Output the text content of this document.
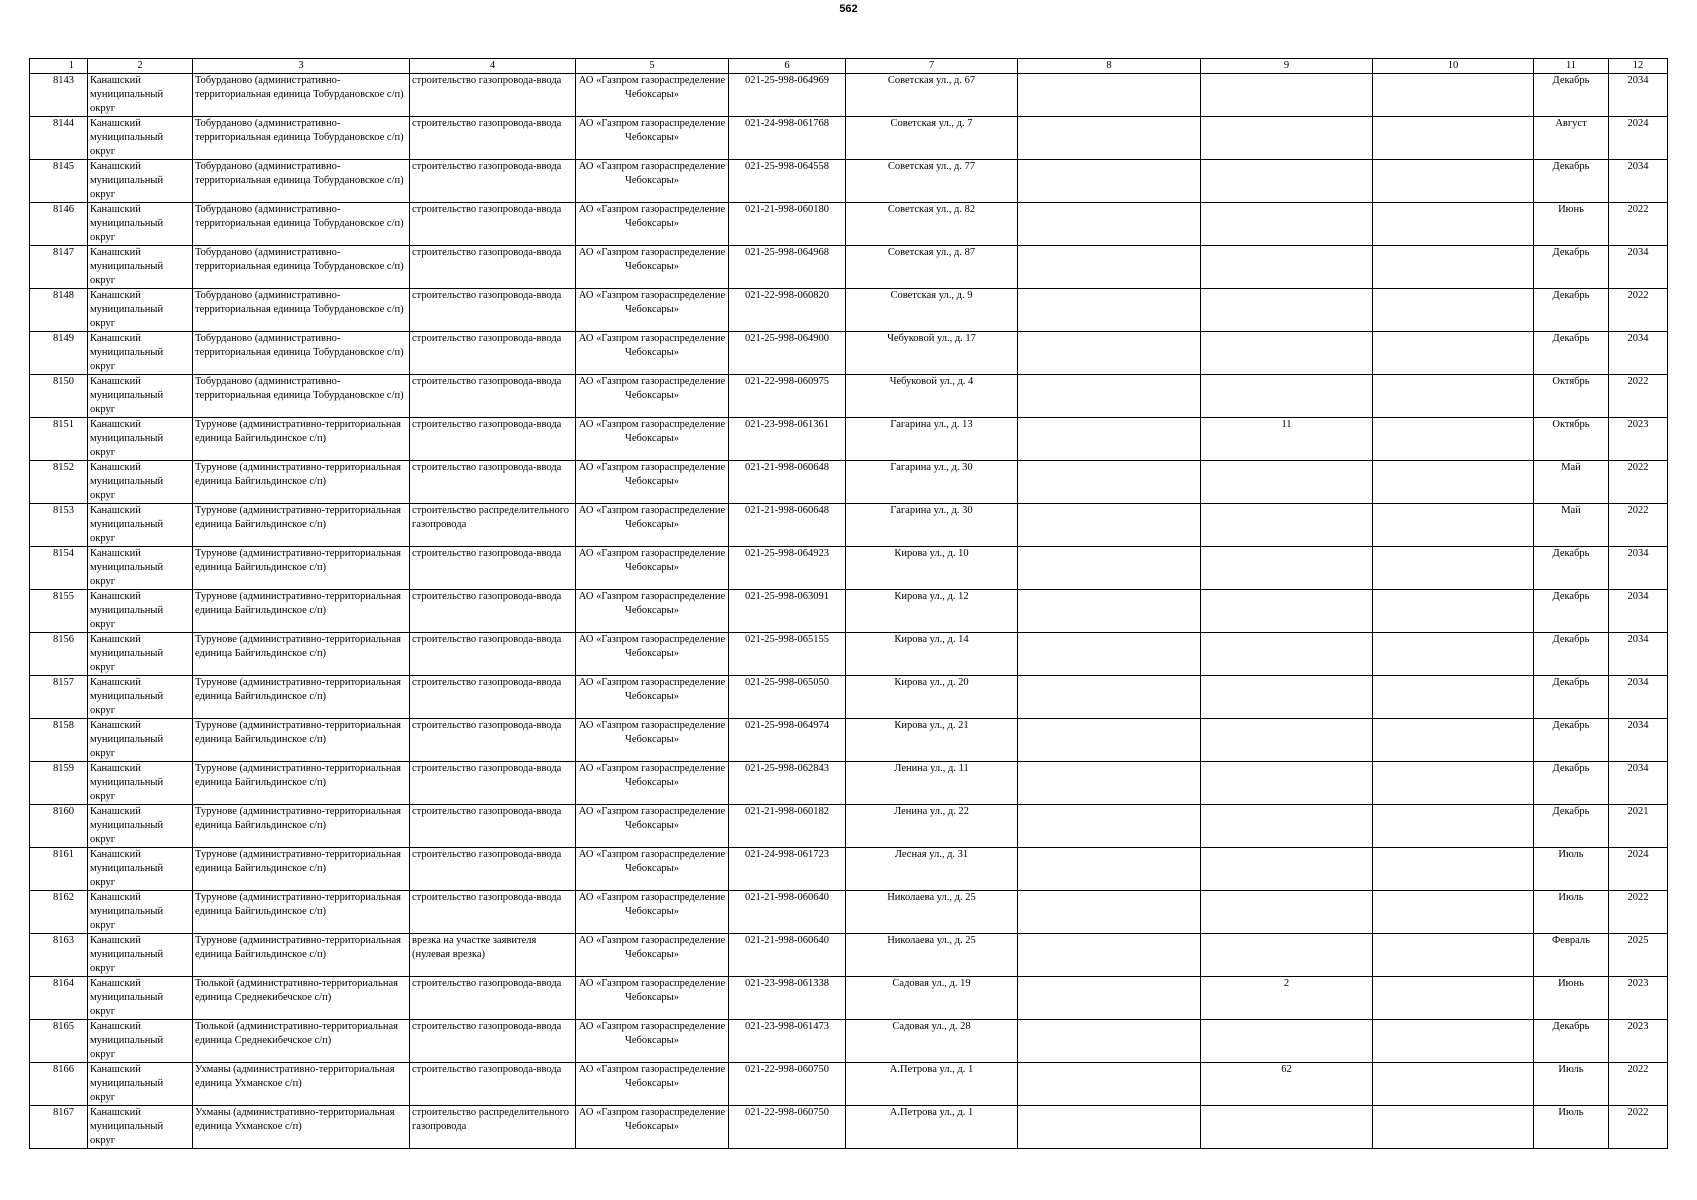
562
1	2	3	4	5	6	7	8	9	10	11	12
8143	Канашский муниципальный округ	Тобурданово (административно-территориальная единица Тобурдановское с/п)	строительство газопровода-ввода	АО «Газпром газораспределение Чебоксары»	021-25-998-064969	Советская ул., д. 67				Декабрь	2034
8144	Канашский муниципальный округ	Тобурданово (административно-территориальная единица Тобурдановское с/п)	строительство газопровода-ввода	АО «Газпром газораспределение Чебоксары»	021-24-998-061768	Советская ул., д. 7				Август	2024
8145	Канашский муниципальный округ	Тобурданово (административно-территориальная единица Тобурдановское с/п)	строительство газопровода-ввода	АО «Газпром газораспределение Чебоксары»	021-25-998-064558	Советская ул., д. 77				Декабрь	2034
8146	Канашский муниципальный округ	Тобурданово (административно-территориальная единица Тобурдановское с/п)	строительство газопровода-ввода	АО «Газпром газораспределение Чебоксары»	021-21-998-060180	Советская ул., д. 82				Июнь	2022
8147	Канашский муниципальный округ	Тобурданово (административно-территориальная единица Тобурдановское с/п)	строительство газопровода-ввода	АО «Газпром газораспределение Чебоксары»	021-25-998-064968	Советская ул., д. 87				Декабрь	2034
8148	Канашский муниципальный округ	Тобурданово (административно-территориальная единица Тобурдановское с/п)	строительство газопровода-ввода	АО «Газпром газораспределение Чебоксары»	021-22-998-060820	Советская ул., д. 9				Декабрь	2022
8149	Канашский муниципальный округ	Тобурданово (административно-территориальная единица Тобурдановское с/п)	строительство газопровода-ввода	АО «Газпром газораспределение Чебоксары»	021-25-998-064900	Чебуковой ул., д. 17				Декабрь	2034
8150	Канашский муниципальный округ	Тобурданово (административно-территориальная единица Тобурдановское с/п)	строительство газопровода-ввода	АО «Газпром газораспределение Чебоксары»	021-22-998-060975	Чебуковой ул., д. 4				Октябрь	2022
8151	Канашский муниципальный округ	Турунове (административно-территориальная единица Байгильдинское с/п)	строительство газопровода-ввода	АО «Газпром газораспределение Чебоксары»	021-23-998-061361	Гагарина ул., д. 13		11		Октябрь	2023
8152	Канашский муниципальный округ	Турунове (административно-территориальная единица Байгильдинское с/п)	строительство газопровода-ввода	АО «Газпром газораспределение Чебоксары»	021-21-998-060648	Гагарина ул., д. 30				Май	2022
8153	Канашский муниципальный округ	Турунове (административно-территориальная единица Байгильдинское с/п)	строительство распределительного газопровода	АО «Газпром газораспределение Чебоксары»	021-21-998-060648	Гагарина ул., д. 30				Май	2022
8154	Канашский муниципальный округ	Турунове (административно-территориальная единица Байгильдинское с/п)	строительство газопровода-ввода	АО «Газпром газораспределение Чебоксары»	021-25-998-064923	Кирова ул., д. 10				Декабрь	2034
8155	Канашский муниципальный округ	Турунове (административно-территориальная единица Байгильдинское с/п)	строительство газопровода-ввода	АО «Газпром газораспределение Чебоксары»	021-25-998-063091	Кирова ул., д. 12				Декабрь	2034
8156	Канашский муниципальный округ	Турунове (административно-территориальная единица Байгильдинское с/п)	строительство газопровода-ввода	АО «Газпром газораспределение Чебоксары»	021-25-998-065155	Кирова ул., д. 14				Декабрь	2034
8157	Канашский муниципальный округ	Турунове (административно-территориальная единица Байгильдинское с/п)	строительство газопровода-ввода	АО «Газпром газораспределение Чебоксары»	021-25-998-065050	Кирова ул., д. 20				Декабрь	2034
8158	Канашский муниципальный округ	Турунове (административно-территориальная единица Байгильдинское с/п)	строительство газопровода-ввода	АО «Газпром газораспределение Чебоксары»	021-25-998-064974	Кирова ул., д. 21				Декабрь	2034
8159	Канашский муниципальный округ	Турунове (административно-территориальная единица Байгильдинское с/п)	строительство газопровода-ввода	АО «Газпром газораспределение Чебоксары»	021-25-998-062843	Ленина ул., д. 11				Декабрь	2034
8160	Канашский муниципальный округ	Турунове (административно-территориальная единица Байгильдинское с/п)	строительство газопровода-ввода	АО «Газпром газораспределение Чебоксары»	021-21-998-060182	Ленина ул., д. 22				Декабрь	2021
8161	Канашский муниципальный округ	Турунове (административно-территориальная единица Байгильдинское с/п)	строительство газопровода-ввода	АО «Газпром газораспределение Чебоксары»	021-24-998-061723	Лесная ул., д. 31				Июль	2024
8162	Канашский муниципальный округ	Турунове (административно-территориальная единица Байгильдинское с/п)	строительство газопровода-ввода	АО «Газпром газораспределение Чебоксары»	021-21-998-060640	Николаева ул., д. 25				Июль	2022
8163	Канашский муниципальный округ	Турунове (административно-территориальная единица Байгильдинское с/п)	врезка на участке заявителя (нулевая врезка)	АО «Газпром газораспределение Чебоксары»	021-21-998-060640	Николаева ул., д. 25				Февраль	2025
8164	Канашский муниципальный округ	Тюлькой (административно-территориальная единица Среднекибечское с/п)	строительство газопровода-ввода	АО «Газпром газораспределение Чебоксары»	021-23-998-061338	Садовая ул., д. 19		2		Июнь	2023
8165	Канашский муниципальный округ	Тюлькой (административно-территориальная единица Среднекибечское с/п)	строительство газопровода-ввода	АО «Газпром газораспределение Чебоксары»	021-23-998-061473	Садовая ул., д. 28				Декабрь	2023
8166	Канашский муниципальный округ	Ухманы (административно-территориальная единица Ухманское с/п)	строительство газопровода-ввода	АО «Газпром газораспределение Чебоксары»	021-22-998-060750	А.Петрова ул., д. 1		62		Июль	2022
8167	Канашский муниципальный округ	Ухманы (административно-территориальная единица Ухманское с/п)	строительство распределительного газопровода	АО «Газпром газораспределение Чебоксары»	021-22-998-060750	А.Петрова ул., д. 1				Июль	2022
